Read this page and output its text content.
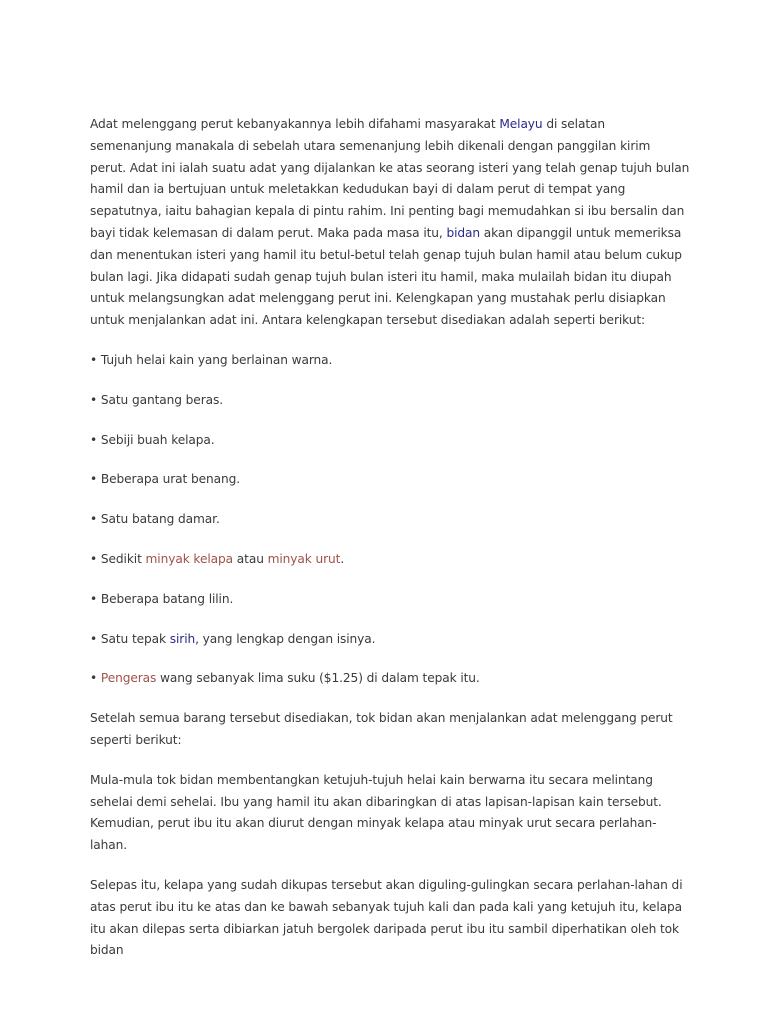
Adat melenggang perut kebanyakannya lebih difahami masyarakat Melayu di selatan semenanjung manakala di sebelah utara semenanjung lebih dikenali dengan panggilan kirim perut. Adat ini ialah suatu adat yang dijalankan ke atas seorang isteri yang telah genap tujuh bulan hamil dan ia bertujuan untuk meletakkan kedudukan bayi di dalam perut di tempat yang sepatutnya, iaitu bahagian kepala di pintu rahim. Ini penting bagi memudahkan si ibu bersalin dan bayi tidak kelemasan di dalam perut. Maka pada masa itu, bidan akan dipanggil untuk memeriksa dan menentukan isteri yang hamil itu betul-betul telah genap tujuh bulan hamil atau belum cukup bulan lagi. Jika didapati sudah genap tujuh bulan isteri itu hamil, maka mulailah bidan itu diupah untuk melangsungkan adat melenggang perut ini. Kelengkapan yang mustahak perlu disiapkan untuk menjalankan adat ini. Antara kelengkapan tersebut disediakan adalah seperti berikut:

• Tujuh helai kain yang berlainan warna.

• Satu gantang beras.

• Sebiji buah kelapa.

• Beberapa urat benang.

• Satu batang damar.

• Sedikit minyak kelapa atau minyak urut.

• Beberapa batang lilin.

• Satu tepak sirih, yang lengkap dengan isinya.

• Pengeras wang sebanyak lima suku ($1.25) di dalam tepak itu.

Setelah semua barang tersebut disediakan, tok bidan akan menjalankan adat melenggang perut seperti berikut:

Mula-mula tok bidan membentangkan ketujuh-tujuh helai kain berwarna itu secara melintang sehelai demi sehelai. Ibu yang hamil itu akan dibaringkan di atas lapisan-lapisan kain tersebut. Kemudian, perut ibu itu akan diurut dengan minyak kelapa atau minyak urut secara perlahan-lahan.

Selepas itu, kelapa yang sudah dikupas tersebut akan diguling-gulingkan secara perlahan-lahan di atas perut ibu itu ke atas dan ke bawah sebanyak tujuh kali dan pada kali yang ketujuh itu, kelapa itu akan dilepas serta dibiarkan jatuh bergolek daripada perut ibu itu sambil diperhatikan oleh tok bidan
